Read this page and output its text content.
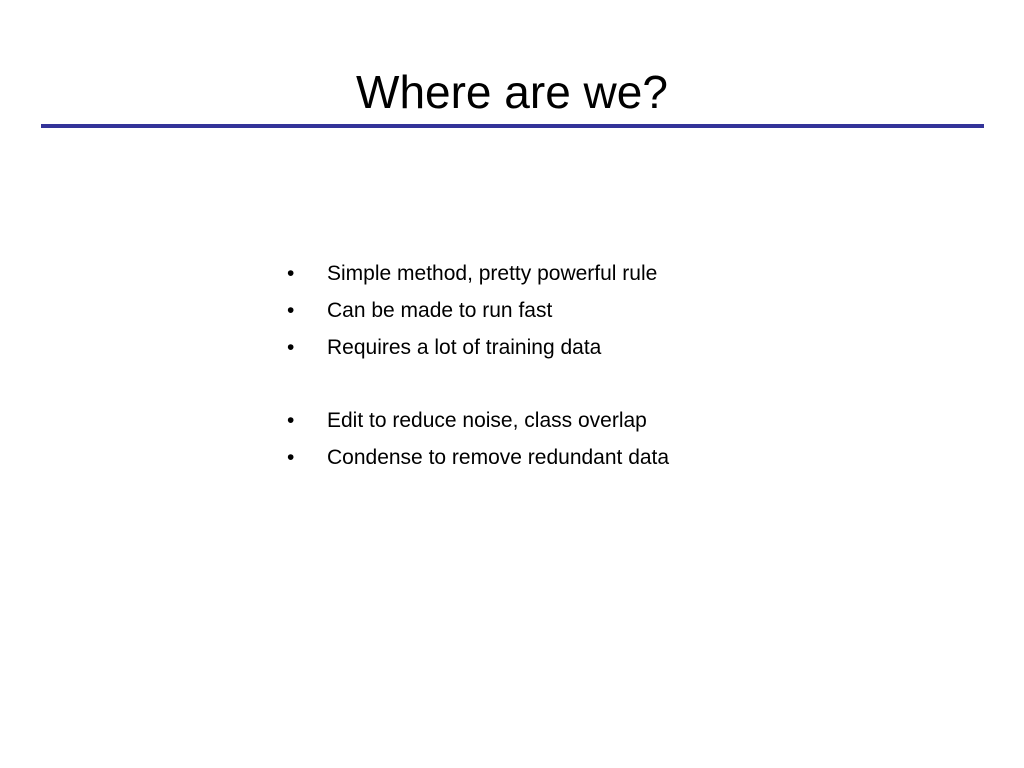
Where are we?
•	Simple method, pretty powerful rule
•	Can be made to run fast
•	Requires a lot of training data
•	Edit to reduce noise, class overlap
•	Condense to remove redundant data
